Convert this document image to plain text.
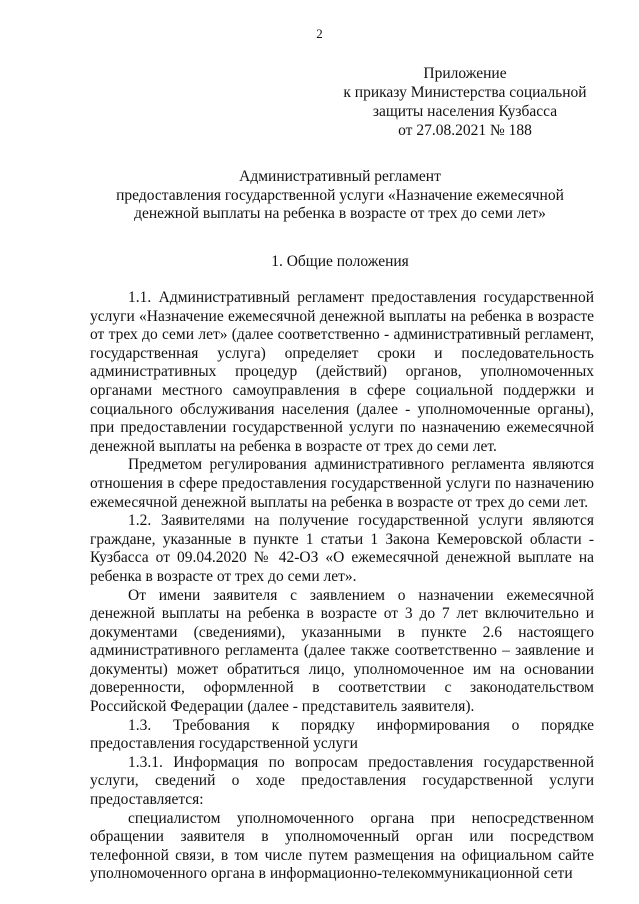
2
Приложение
к приказу Министерства социальной
защиты населения Кузбасса
от 27.08.2021 № 188
Административный регламент
предоставления государственной услуги «Назначение ежемесячной
денежной выплаты на ребенка в возрасте от трех до семи лет»
1. Общие положения

1.1. Административный регламент предоставления государственной услуги «Назначение ежемесячной денежной выплаты на ребенка в возрасте от трех до семи лет» (далее соответственно - административный регламент, государственная услуга) определяет сроки и последовательность административных процедур (действий) органов, уполномоченных органами местного самоуправления в сфере социальной поддержки и социального обслуживания населения (далее - уполномоченные органы), при предоставлении государственной услуги по назначению ежемесячной денежной выплаты на ребенка в возрасте от трех до семи лет.

Предметом регулирования административного регламента являются отношения в сфере предоставления государственной услуги по назначению ежемесячной денежной выплаты на ребенка в возрасте от трех до семи лет.

1.2. Заявителями на получение государственной услуги являются граждане, указанные в пункте 1 статьи 1 Закона Кемеровской области - Кузбасса от 09.04.2020 № 42-ОЗ «О ежемесячной денежной выплате на ребенка в возрасте от трех до семи лет».

От имени заявителя с заявлением о назначении ежемесячной денежной выплаты на ребенка в возрасте от 3 до 7 лет включительно и документами (сведениями), указанными в пункте 2.6 настоящего административного регламента (далее также соответственно – заявление и документы) может обратиться лицо, уполномоченное им на основании доверенности, оформленной в соответствии с законодательством Российской Федерации (далее - представитель заявителя).

1.3. Требования к порядку информирования о порядке предоставления государственной услуги

1.3.1. Информация по вопросам предоставления государственной услуги, сведений о ходе предоставления государственной услуги предоставляется:

специалистом уполномоченного органа при непосредственном обращении заявителя в уполномоченный орган или посредством телефонной связи, в том числе путем размещения на официальном сайте уполномоченного органа в информационно-телекоммуникационной сети
